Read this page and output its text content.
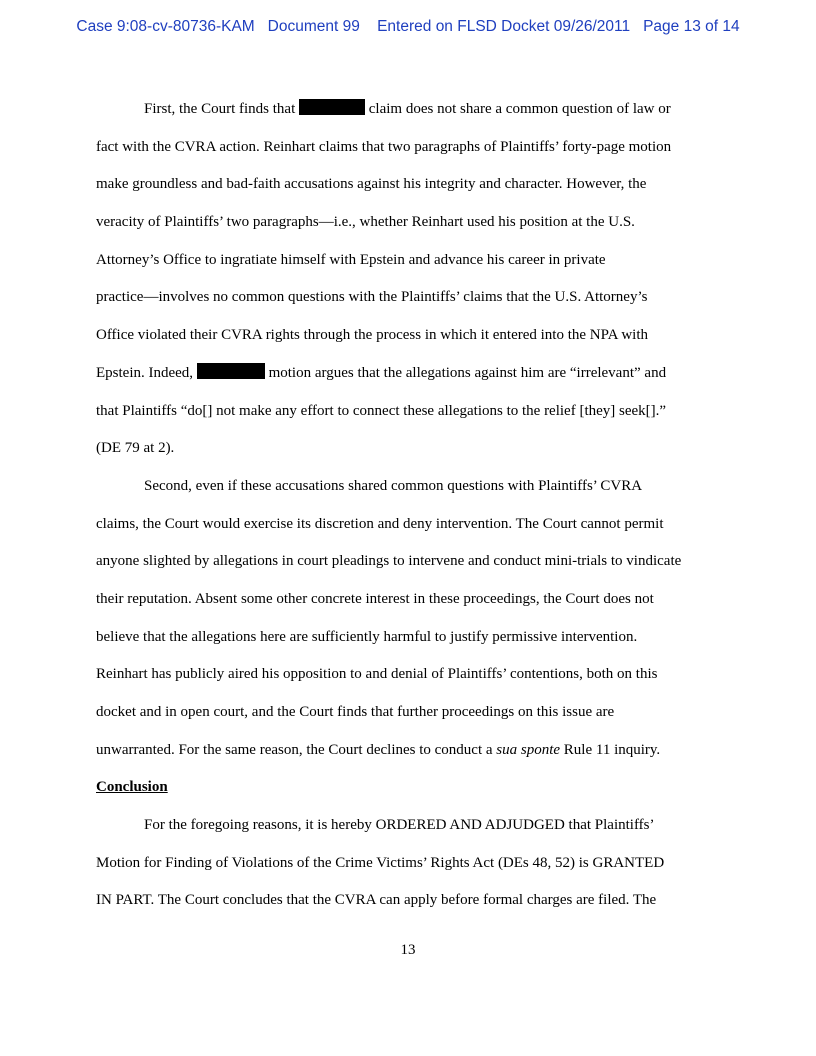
Case 9:08-cv-80736-KAM Document 99 Entered on FLSD Docket 09/26/2011 Page 13 of 14
First, the Court finds that	claim does not share a common question of law or
fact with the CVRA action. Reinhart claims that two paragraphs of Plaintiffs’ forty-page motion
make groundless and bad-faith accusations against his integrity and character. However, the
veracity of Plaintiffs’ two paragraphs—i.e., whether Reinhart used his position at the U.S.
Attorney’s Office to ingratiate himself with Epstein and advance his career in private
practice—involves no common questions with the Plaintiffs’ claims that the U.S. Attorney’s
Office violated their CVRA rights through the process in which it entered into the NPA with
Epstein. Indeed,	motion argues that the allegations against him are “irrelevant” and
that Plaintiffs “do[] not make any effort to connect these allegations to the relief [they] seek[].”
(DE 79 at 2).
Second, even if these accusations shared common questions with Plaintiffs’ CVRA
claims, the Court would exercise its discretion and deny intervention. The Court cannot permit
anyone slighted by allegations in court pleadings to intervene and conduct mini-trials to vindicate
their reputation. Absent some other concrete interest in these proceedings, the Court does not
believe that the allegations here are sufficiently harmful to justify permissive intervention.
Reinhart has publicly aired his opposition to and denial of Plaintiffs’ contentions, both on this
docket and in open court, and the Court finds that further proceedings on this issue are
unwarranted. For the same reason, the Court declines to conduct a sua sponte Rule 11 inquiry.
Conclusion
For the foregoing reasons, it is hereby ORDERED AND ADJUDGED that Plaintiffs’
Motion for Finding of Violations of the Crime Victims’ Rights Act (DEs 48, 52) is GRANTED
IN PART. The Court concludes that the CVRA can apply before formal charges are filed. The
13
